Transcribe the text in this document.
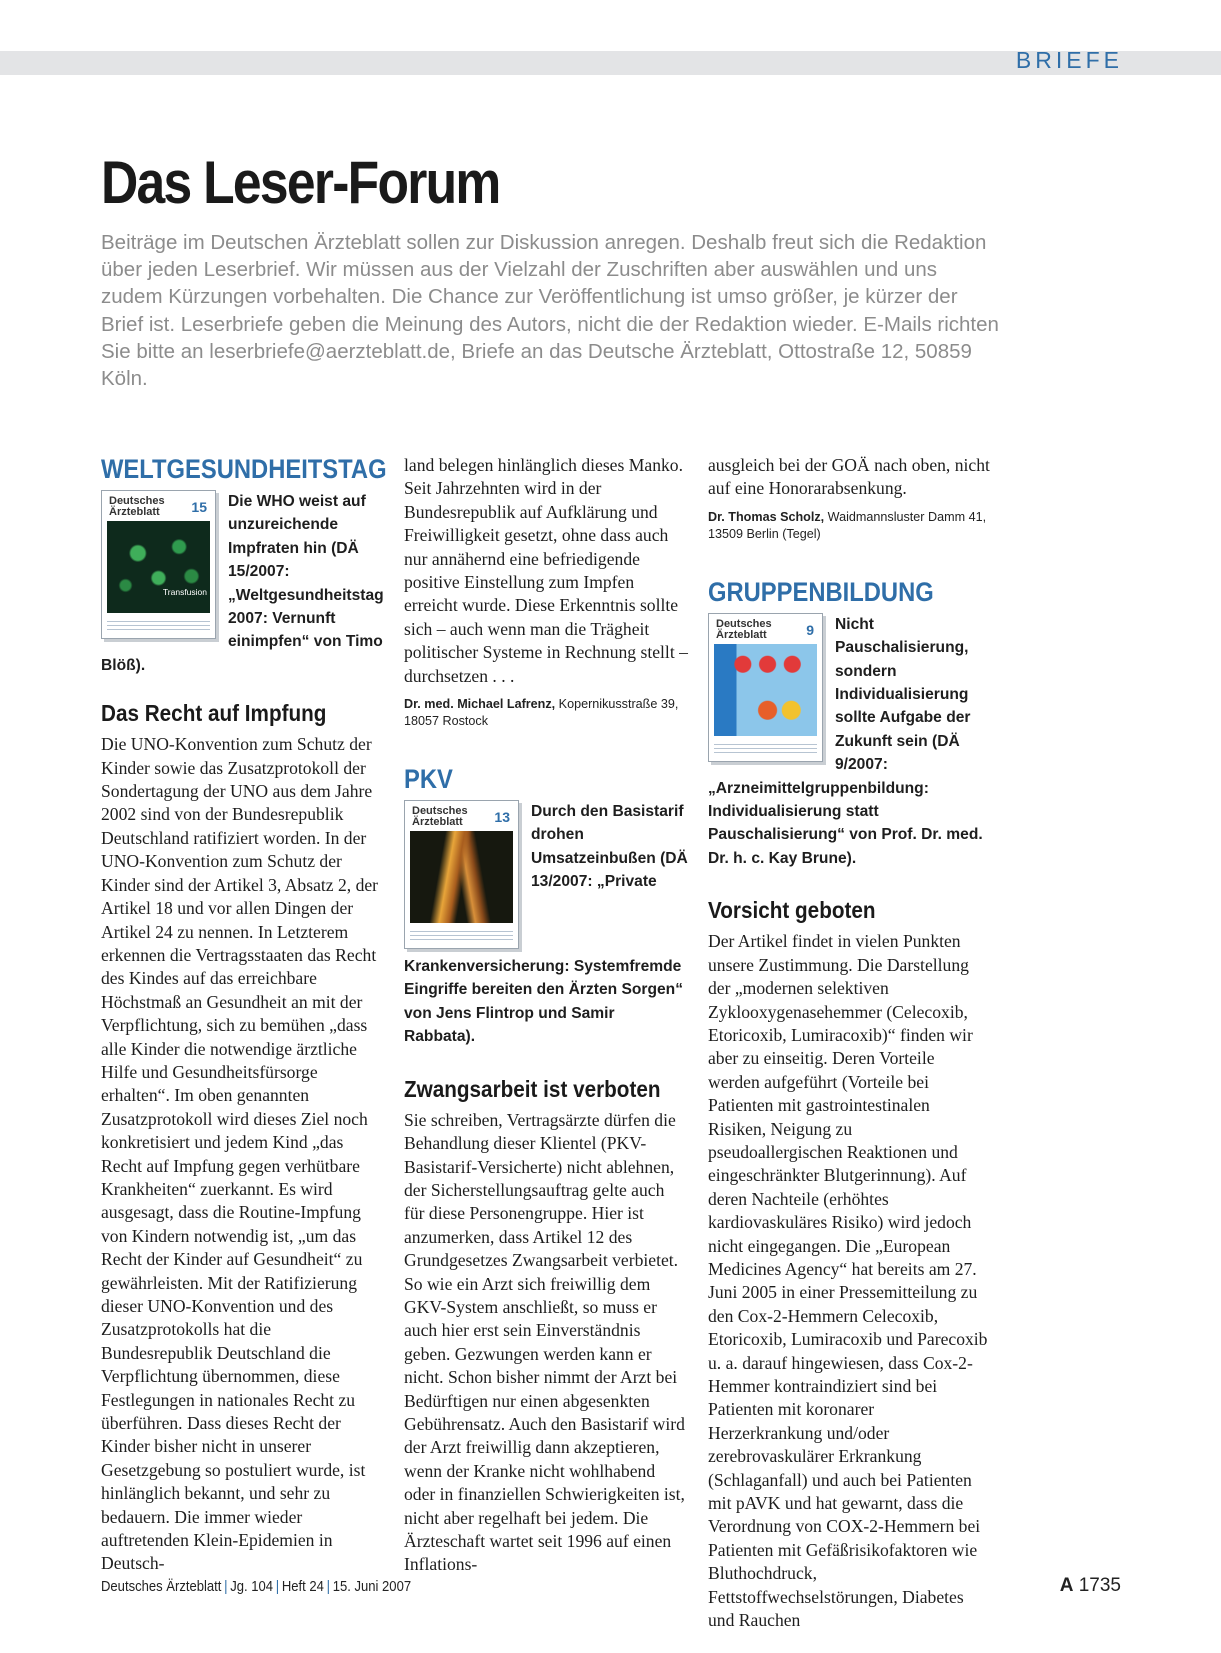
BRIEFE
Das Leser-Forum

Beiträge im Deutschen Ärzteblatt sollen zur Diskussion anregen. Deshalb freut sich die Redaktion über jeden Leserbrief. Wir müssen aus der Vielzahl der Zuschriften aber auswählen und uns zudem Kürzungen vorbehalten. Die Chance zur Veröffentlichung ist umso größer, je kürzer der Brief ist. Leserbriefe geben die Meinung des Autors, nicht die der Redaktion wieder. E-Mails richten Sie bitte an leserbriefe@aerzteblatt.de, Briefe an das Deutsche Ärzteblatt, Ottostraße 12, 50859 Köln.

WELTGESUNDHEITSTAG
Deutsches Ärzteblatt	15
Transfusion

Die WHO weist auf unzureichende Impfraten hin (DÄ 15/2007: „Weltgesundheitstag 2007: Vernunft einimpfen“ von Timo Blöß).

Das Recht auf Impfung

Die UNO-Konvention zum Schutz der Kinder sowie das Zusatzprotokoll der Sondertagung der UNO aus dem Jahre 2002 sind von der Bundesrepublik Deutschland ratifiziert worden. In der UNO-Konvention zum Schutz der Kinder sind der Artikel 3, Absatz 2, der Artikel 18 und vor allen Dingen der Artikel 24 zu nennen. In Letzterem erkennen die Vertragsstaaten das Recht des Kindes auf das erreichbare Höchstmaß an Gesundheit an mit der Verpflichtung, sich zu bemühen „dass alle Kinder die notwendige ärztliche Hilfe und Gesundheitsfürsorge erhalten“. Im oben genannten Zusatzprotokoll wird dieses Ziel noch konkretisiert und jedem Kind „das Recht auf Impfung gegen verhütbare Krankheiten“ zuerkannt. Es wird ausgesagt, dass die Routine-Impfung von Kindern notwendig ist, „um das Recht der Kinder auf Gesundheit“ zu gewährleisten. Mit der Ratifizierung dieser UNO-Konvention und des Zusatzprotokolls hat die Bundesrepublik Deutschland die Verpflichtung übernommen, diese Festlegungen in nationales Recht zu überführen. Dass dieses Recht der Kinder bisher nicht in unserer Gesetzgebung so postuliert wurde, ist hinlänglich bekannt, und sehr zu bedauern. Die immer wieder auftretenden Klein-Epidemien in Deutsch-

land belegen hinlänglich dieses Manko. Seit Jahrzehnten wird in der Bundesrepublik auf Aufklärung und Freiwilligkeit gesetzt, ohne dass auch nur annähernd eine befriedigende positive Einstellung zum Impfen erreicht wurde. Diese Erkenntnis sollte sich – auch wenn man die Trägheit politischer Systeme in Rechnung stellt – durchsetzen . . .

Dr. med. Michael Lafrenz, Kopernikusstraße 39, 18057 Rostock

PKV
Deutsches Ärzteblatt	13	Durch den Basistarif drohen Umsatzeinbußen (DÄ 13/2007: „Private Krankenversicherung: Systemfremde Eingriffe bereiten den Ärzten Sorgen“ von Jens Flintrop und Samir Rabbata).

Zwangsarbeit ist verboten

Sie schreiben, Vertragsärzte dürfen die Behandlung dieser Klientel (PKV-Basistarif-Versicherte) nicht ablehnen, der Sicherstellungsauftrag gelte auch für diese Personengruppe. Hier ist anzumerken, dass Artikel 12 des Grundgesetzes Zwangsarbeit verbietet. So wie ein Arzt sich freiwillig dem GKV-System anschließt, so muss er auch hier erst sein Einverständnis geben. Gezwungen werden kann er nicht. Schon bisher nimmt der Arzt bei Bedürftigen nur einen abgesenkten Gebührensatz. Auch den Basistarif wird der Arzt freiwillig dann akzeptieren, wenn der Kranke nicht wohlhabend oder in finanziellen Schwierigkeiten ist, nicht aber regelhaft bei jedem. Die Ärzteschaft wartet seit 1996 auf einen Inflations-

ausgleich bei der GOÄ nach oben, nicht auf eine Honorarabsenkung.

Dr. Thomas Scholz, Waidmannsluster Damm 41, 13509 Berlin (Tegel)

GRUPPENBILDUNG
Deutsches Ärzteblatt	9	Nicht Pauschalisierung, sondern Individualisierung sollte Aufgabe der Zukunft sein (DÄ 9/2007: „Arzneimittelgruppenbildung: Individualisierung statt Pauschalisierung“ von Prof. Dr. med. Dr. h. c. Kay Brune).

Vorsicht geboten

Der Artikel findet in vielen Punkten unsere Zustimmung. Die Darstellung der „modernen selektiven Zyklooxygenasehemmer (Celecoxib, Etoricoxib, Lumiracoxib)“ finden wir aber zu einseitig. Deren Vorteile werden aufgeführt (Vorteile bei Patienten mit gastrointestinalen Risiken, Neigung zu pseudoallergischen Reaktionen und eingeschränkter Blutgerinnung). Auf deren Nachteile (erhöhtes kardiovaskuläres Risiko) wird jedoch nicht eingegangen. Die „European Medicines Agency“ hat bereits am 27. Juni 2005 in einer Pressemitteilung zu den Cox-2-Hemmern Celecoxib, Etoricoxib, Lumiracoxib und Parecoxib u. a. darauf hingewiesen, dass Cox-2-Hemmer kontraindiziert sind bei Patienten mit koronarer Herzerkrankung und/oder zerebrovaskulärer Erkrankung (Schlaganfall) und auch bei Patienten mit pAVK und hat gewarnt, dass die Verordnung von COX-2-Hemmern bei Patienten mit Gefäßrisikofaktoren wie Bluthochdruck, Fettstoffwechselstörungen, Diabetes und Rauchen

Deutsches Ärzteblatt | Jg. 104 | Heft 24 | 15. Juni 2007	A 1735
